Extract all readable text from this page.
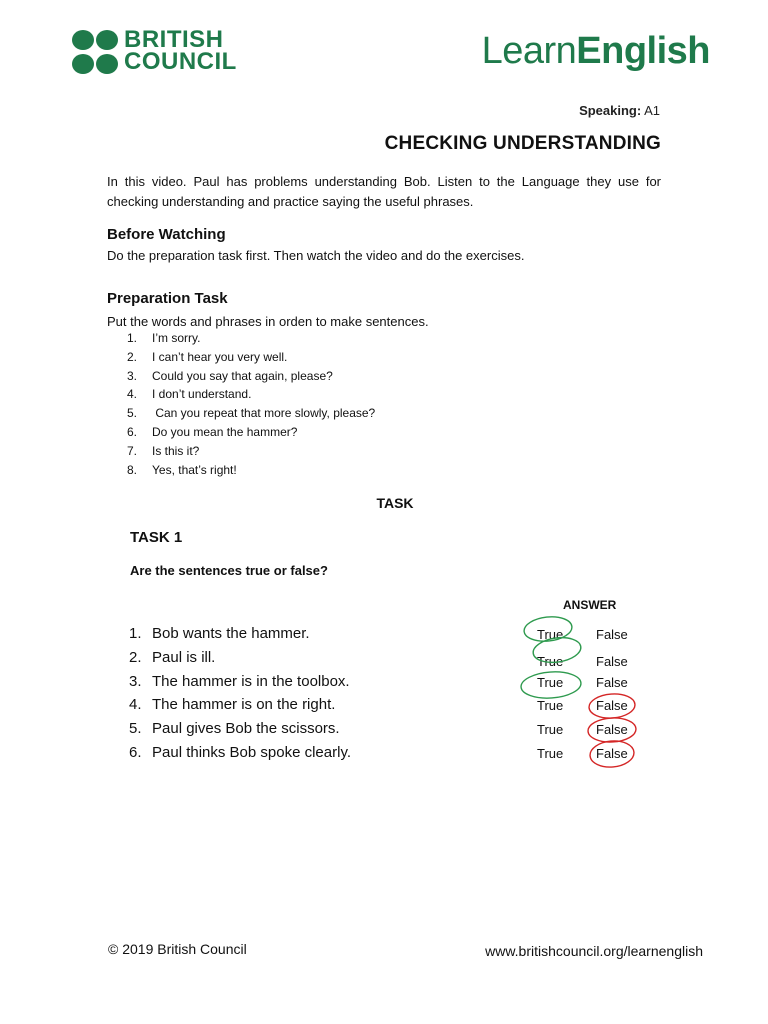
BRITISH
COUNCIL	LearnEnglish
Speaking: A1
CHECKING UNDERSTANDING
In this video. Paul has problems understanding Bob. Listen to the Language they use for checking understanding and practice saying the useful phrases.
Before Watching
Do the preparation task first. Then watch the video and do the exercises.
Preparation Task
Put the words and phrases in orden to make sentences.
1.	I’m sorry.
2.	I can’t hear you very well.
3.	Could you say that again, please?
4.	I don’t understand.
5.	Can you repeat that more slowly, please?
6.	Do you mean the hammer?
7.	Is this it?
8.	Yes, that’s right!
TASK
TASK 1
Are the sentences true or false?
ANSWER
1. Bob wants the hammer.	True	False
2. Paul is ill.	True	False
3. The hammer is in the toolbox.	True	False
4. The hammer is on the right.	True	False
5. Paul gives Bob the scissors.	True	False
6. Paul thinks Bob spoke clearly.	True	False
© 2019 British Council	www.britishcouncil.org/learnenglish
